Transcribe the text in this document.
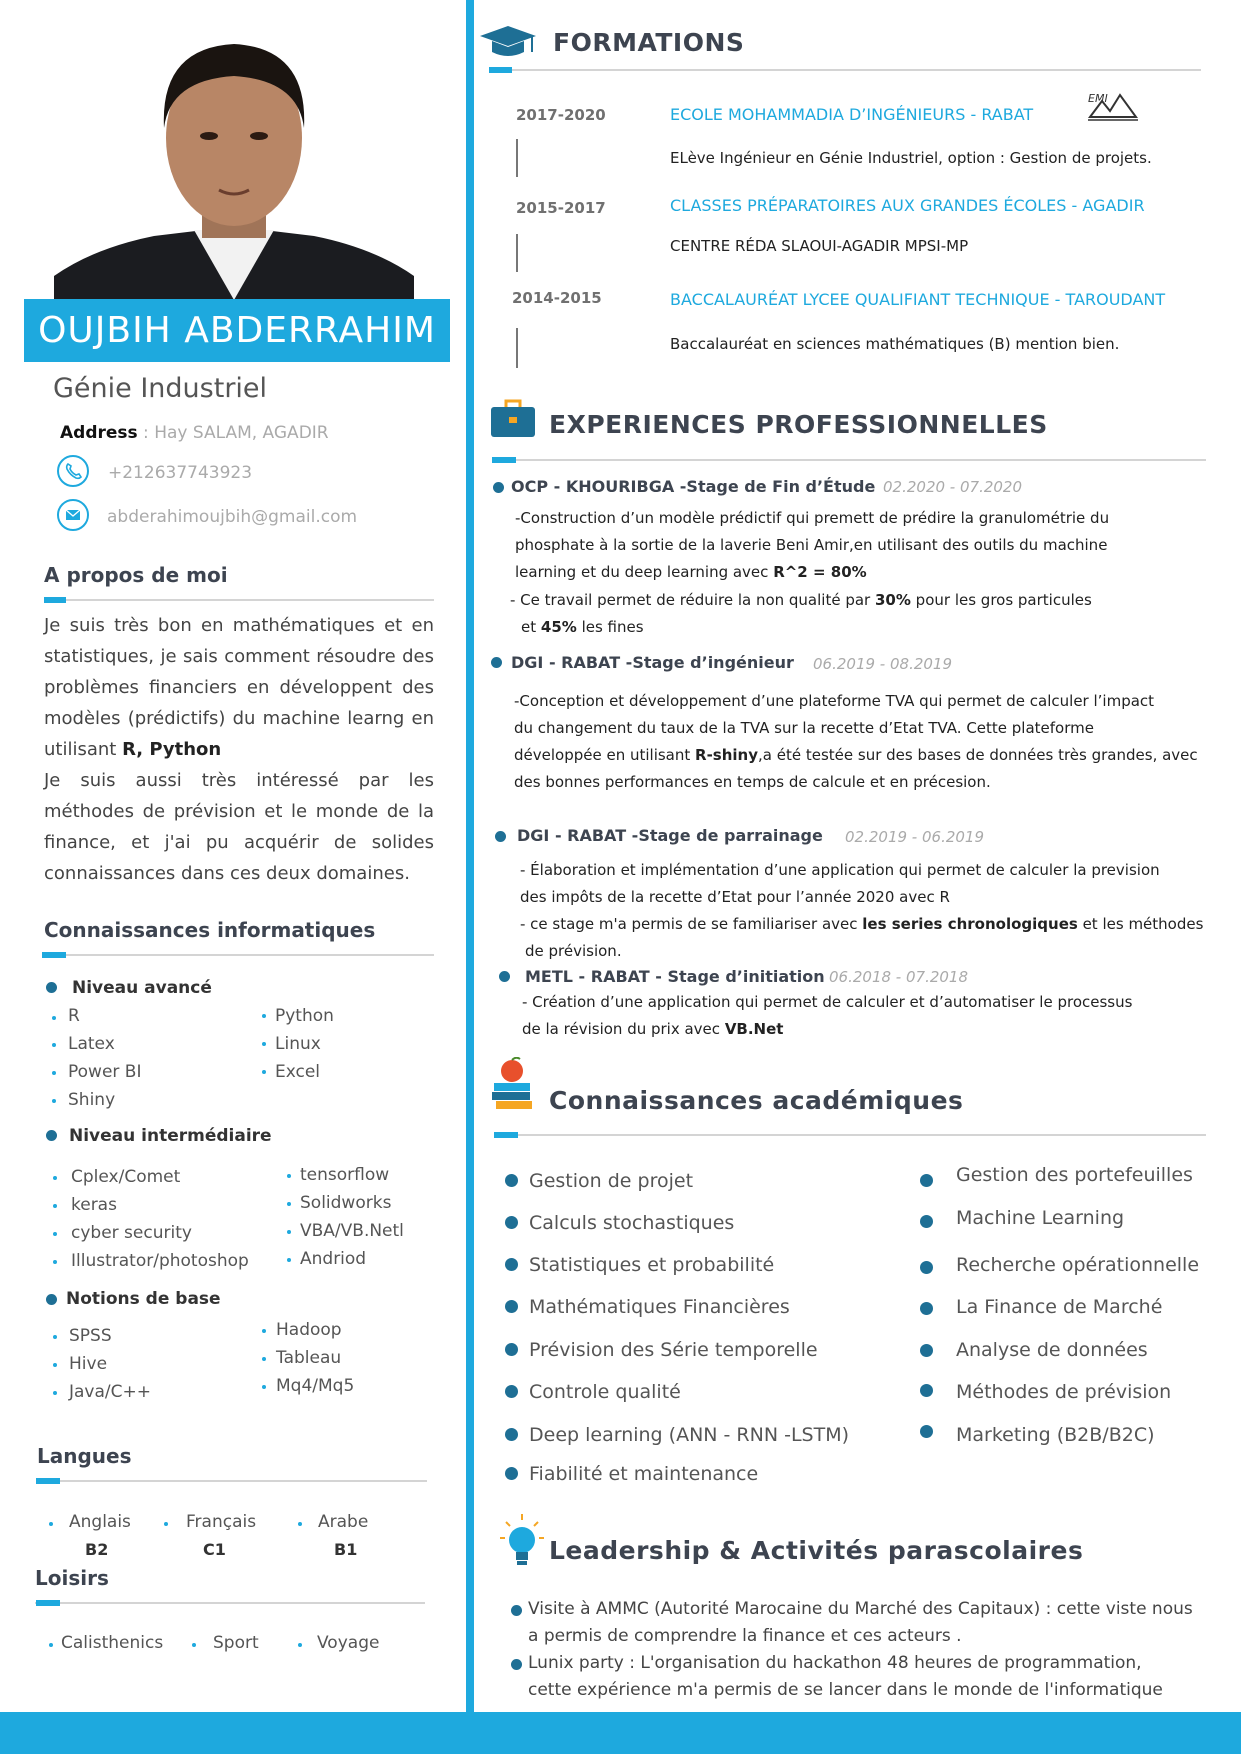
OUJBIH ABDERRAHIM
Génie Industriel
Address : Hay SALAM, AGADIR
+212637743923
abderahimoujbih@gmail.com
A propos de moi

Je suis très bon en mathématiques et en statistiques, je sais comment résoudre des problèmes financiers en développent des modèles (prédictifs) du machine learng en utilisant R, Python

Je suis aussi très intéressé par les méthodes de prévision et le monde de la finance, et j'ai pu acquérir de solides connaissances dans ces deux domaines.

Connaissances informatiques
Niveau avancé
R
Latex
Power BI
Shiny
Python
Linux
Excel
Niveau intermédiaire
Cplex/Comet
keras
cyber security
Illustrator/photoshop
tensorflow
Solidworks
VBA/VB.Netl
Andriod
Notions de base
SPSS
Hive
Java/C++
Hadoop
Tableau
Mq4/Mq5
Langues
Anglais
B2
Français
C1
Arabe
B1
Loisirs
Calisthenics	Sport	Voyage
FORMATIONS
2017-2020	ECOLE MOHAMMADIA D’INGÉNIEURS - RABAT
EMI
ELève Ingénieur en Génie Industriel, option : Gestion de projets.
2015-2017	CLASSES PRÉPARATOIRES AUX GRANDES ÉCOLES - AGADIR
CENTRE RÉDA SLAOUI-AGADIR MPSI-MP
2014-2015	BACCALAURÉAT LYCEE QUALIFIANT TECHNIQUE - TAROUDANT
Baccalauréat en sciences mathématiques (B) mention bien.
EXPERIENCES PROFESSIONNELLES
OCP - KHOURIBGA -Stage de Fin d’Étude 02.2020 - 07.2020
-Construction d’un modèle prédictif qui premett de prédire la granulométrie du
phosphate à la sortie de la laverie Beni Amir,en utilisant des outils du machine
learning et du deep learning avec R^2 = 80%
- Ce travail permet de réduire la non qualité par 30% pour les gros particules
et 45% les fines
DGI - RABAT -Stage d’ingénieur 06.2019 - 08.2019
-Conception et développement d’une plateforme TVA qui permet de calculer l’impact
du changement du taux de la TVA sur la recette d’Etat TVA. Cette plateforme
développée en utilisant R-shiny,a été testée sur des bases de données très grandes, avec
des bonnes performances en temps de calcule et en précesion.
DGI - RABAT -Stage de parrainage 02.2019 - 06.2019
- Élaboration et implémentation d’une application qui permet de calculer la prevision
des impôts de la recette d’Etat pour l’année 2020 avec R
- ce stage m'a permis de se familiariser avec les series chronologiques et les méthodes
de prévision.
METL - RABAT - Stage d’initiation 06.2018 - 07.2018
- Création d’une application qui permet de calculer et d’automatiser le processus
de la révision du prix avec VB.Net
Connaissances académiques
Gestion de projet
Calculs stochastiques
Statistiques et probabilité
Mathématiques Financières
Prévision des Série temporelle
Controle qualité
Deep learning (ANN - RNN -LSTM)
Fiabilité et maintenance
Gestion des portefeuilles
Machine Learning
Recherche opérationnelle
La Finance de Marché
Analyse de données
Méthodes de prévision
Marketing (B2B/B2C)
Leadership & Activités parascolaires
Visite à AMMC (Autorité Marocaine du Marché des Capitaux) : cette viste nous
a permis de comprendre la finance et ces acteurs .
Lunix party : L'organisation du hackathon 48 heures de programmation,
cette expérience m'a permis de se lancer dans le monde de l'informatique
